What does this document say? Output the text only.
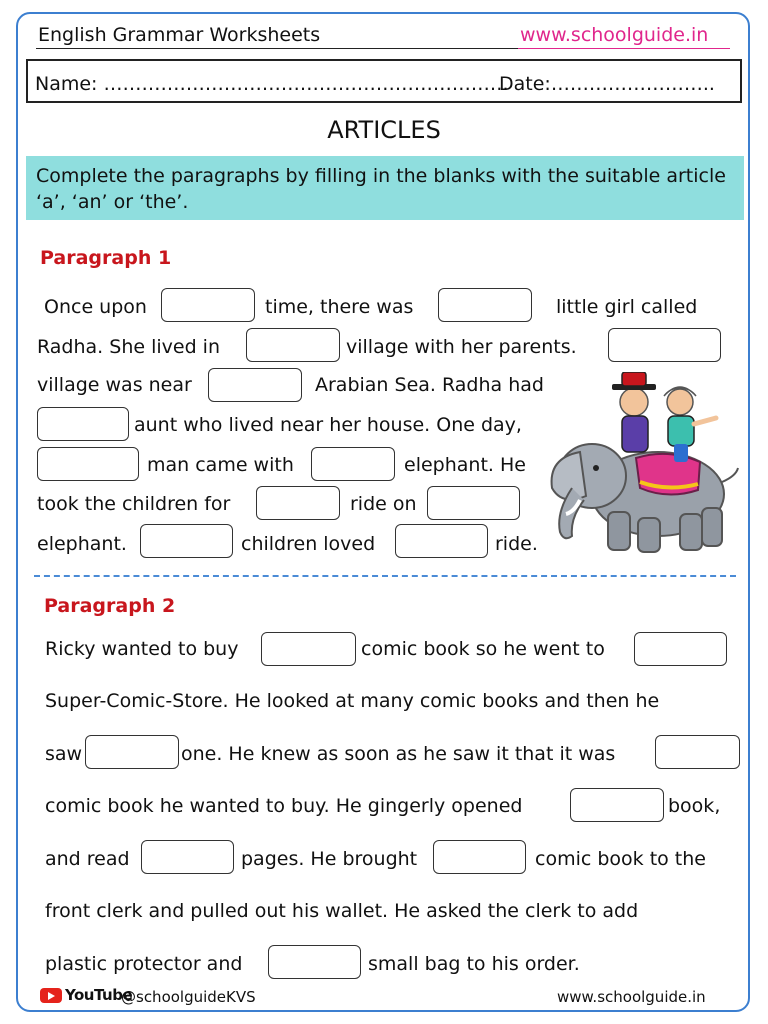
English Grammar Worksheets	www.schoolguide.in
Name: ……………………………………………………….
Date:……………………..
ARTICLES
Complete the paragraphs by filling in the blanks with the suitable article ‘a’, ‘an’ or ‘the’.
Paragraph 1
Once upon	time, there was	little girl called
Radha. She lived in	village with her parents.
village was near	Arabian Sea. Radha had
aunt who lived near her house. One day,
man came with	elephant. He
took the children for	ride on
elephant.	children loved	ride.
Paragraph 2
Ricky wanted to buy	comic book so he went to
Super-Comic-Store. He looked at many comic books and then he
saw	one. He knew as soon as he saw it that it was
comic book he wanted to buy. He gingerly opened	book,
and read	pages. He brought	comic book to the
front clerk and pulled out his wallet. He asked the clerk to add
plastic protector and	small bag to his order.
YouTube
@schoolguideKVS	www.schoolguide.in
